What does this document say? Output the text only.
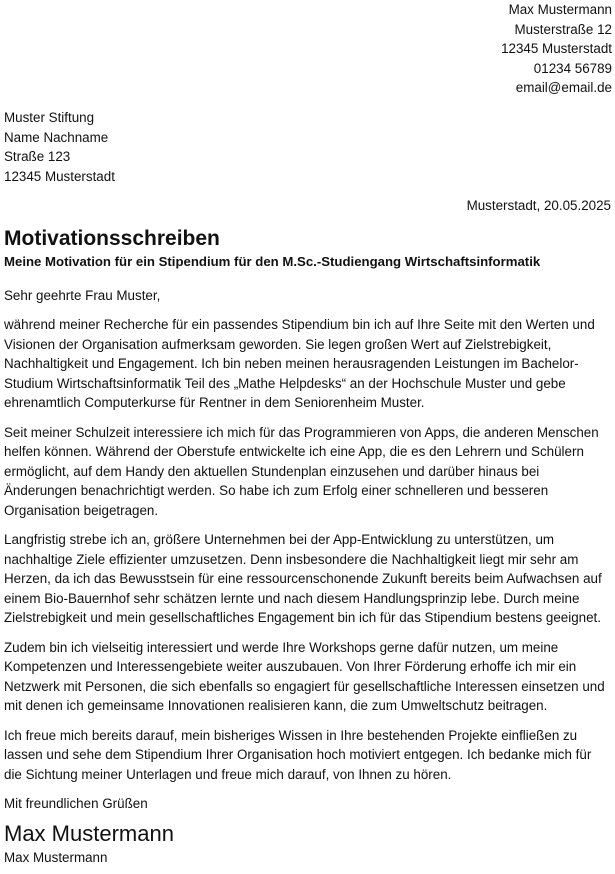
Max Mustermann
Musterstraße 12
12345 Musterstadt
01234 56789
email@email.de
Muster Stiftung
Name Nachname
Straße 123
12345 Musterstadt
Musterstadt, 20.05.2025
Motivationsschreiben

Meine Motivation für ein Stipendium für den M.Sc.-Studiengang Wirtschaftsinformatik

Sehr geehrte Frau Muster,

während meiner Recherche für ein passendes Stipendium bin ich auf Ihre Seite mit den Werten und
Visionen der Organisation aufmerksam geworden. Sie legen großen Wert auf Zielstrebigkeit,
Nachhaltigkeit und Engagement. Ich bin neben meinen herausragenden Leistungen im Bachelor-
Studium Wirtschaftsinformatik Teil des „Mathe Helpdesks“ an der Hochschule Muster und gebe
ehrenamtlich Computerkurse für Rentner in dem Seniorenheim Muster.

Seit meiner Schulzeit interessiere ich mich für das Programmieren von Apps, die anderen Menschen
helfen können. Während der Oberstufe entwickelte ich eine App, die es den Lehrern und Schülern
ermöglicht, auf dem Handy den aktuellen Stundenplan einzusehen und darüber hinaus bei
Änderungen benachrichtigt werden. So habe ich zum Erfolg einer schnelleren und besseren
Organisation beigetragen.

Langfristig strebe ich an, größere Unternehmen bei der App-Entwicklung zu unterstützen, um
nachhaltige Ziele effizienter umzusetzen. Denn insbesondere die Nachhaltigkeit liegt mir sehr am
Herzen, da ich das Bewusstsein für eine ressourcenschonende Zukunft bereits beim Aufwachsen auf
einem Bio-Bauernhof sehr schätzen lernte und nach diesem Handlungsprinzip lebe. Durch meine
Zielstrebigkeit und mein gesellschaftliches Engagement bin ich für das Stipendium bestens geeignet.

Zudem bin ich vielseitig interessiert und werde Ihre Workshops gerne dafür nutzen, um meine
Kompetenzen und Interessengebiete weiter auszubauen. Von Ihrer Förderung erhoffe ich mir ein
Netzwerk mit Personen, die sich ebenfalls so engagiert für gesellschaftliche Interessen einsetzen und
mit denen ich gemeinsame Innovationen realisieren kann, die zum Umweltschutz beitragen.

Ich freue mich bereits darauf, mein bisheriges Wissen in Ihre bestehenden Projekte einfließen zu
lassen und sehe dem Stipendium Ihrer Organisation hoch motiviert entgegen. Ich bedanke mich für
die Sichtung meiner Unterlagen und freue mich darauf, von Ihnen zu hören.

Mit freundlichen Grüßen

Max Mustermann

Max Mustermann
